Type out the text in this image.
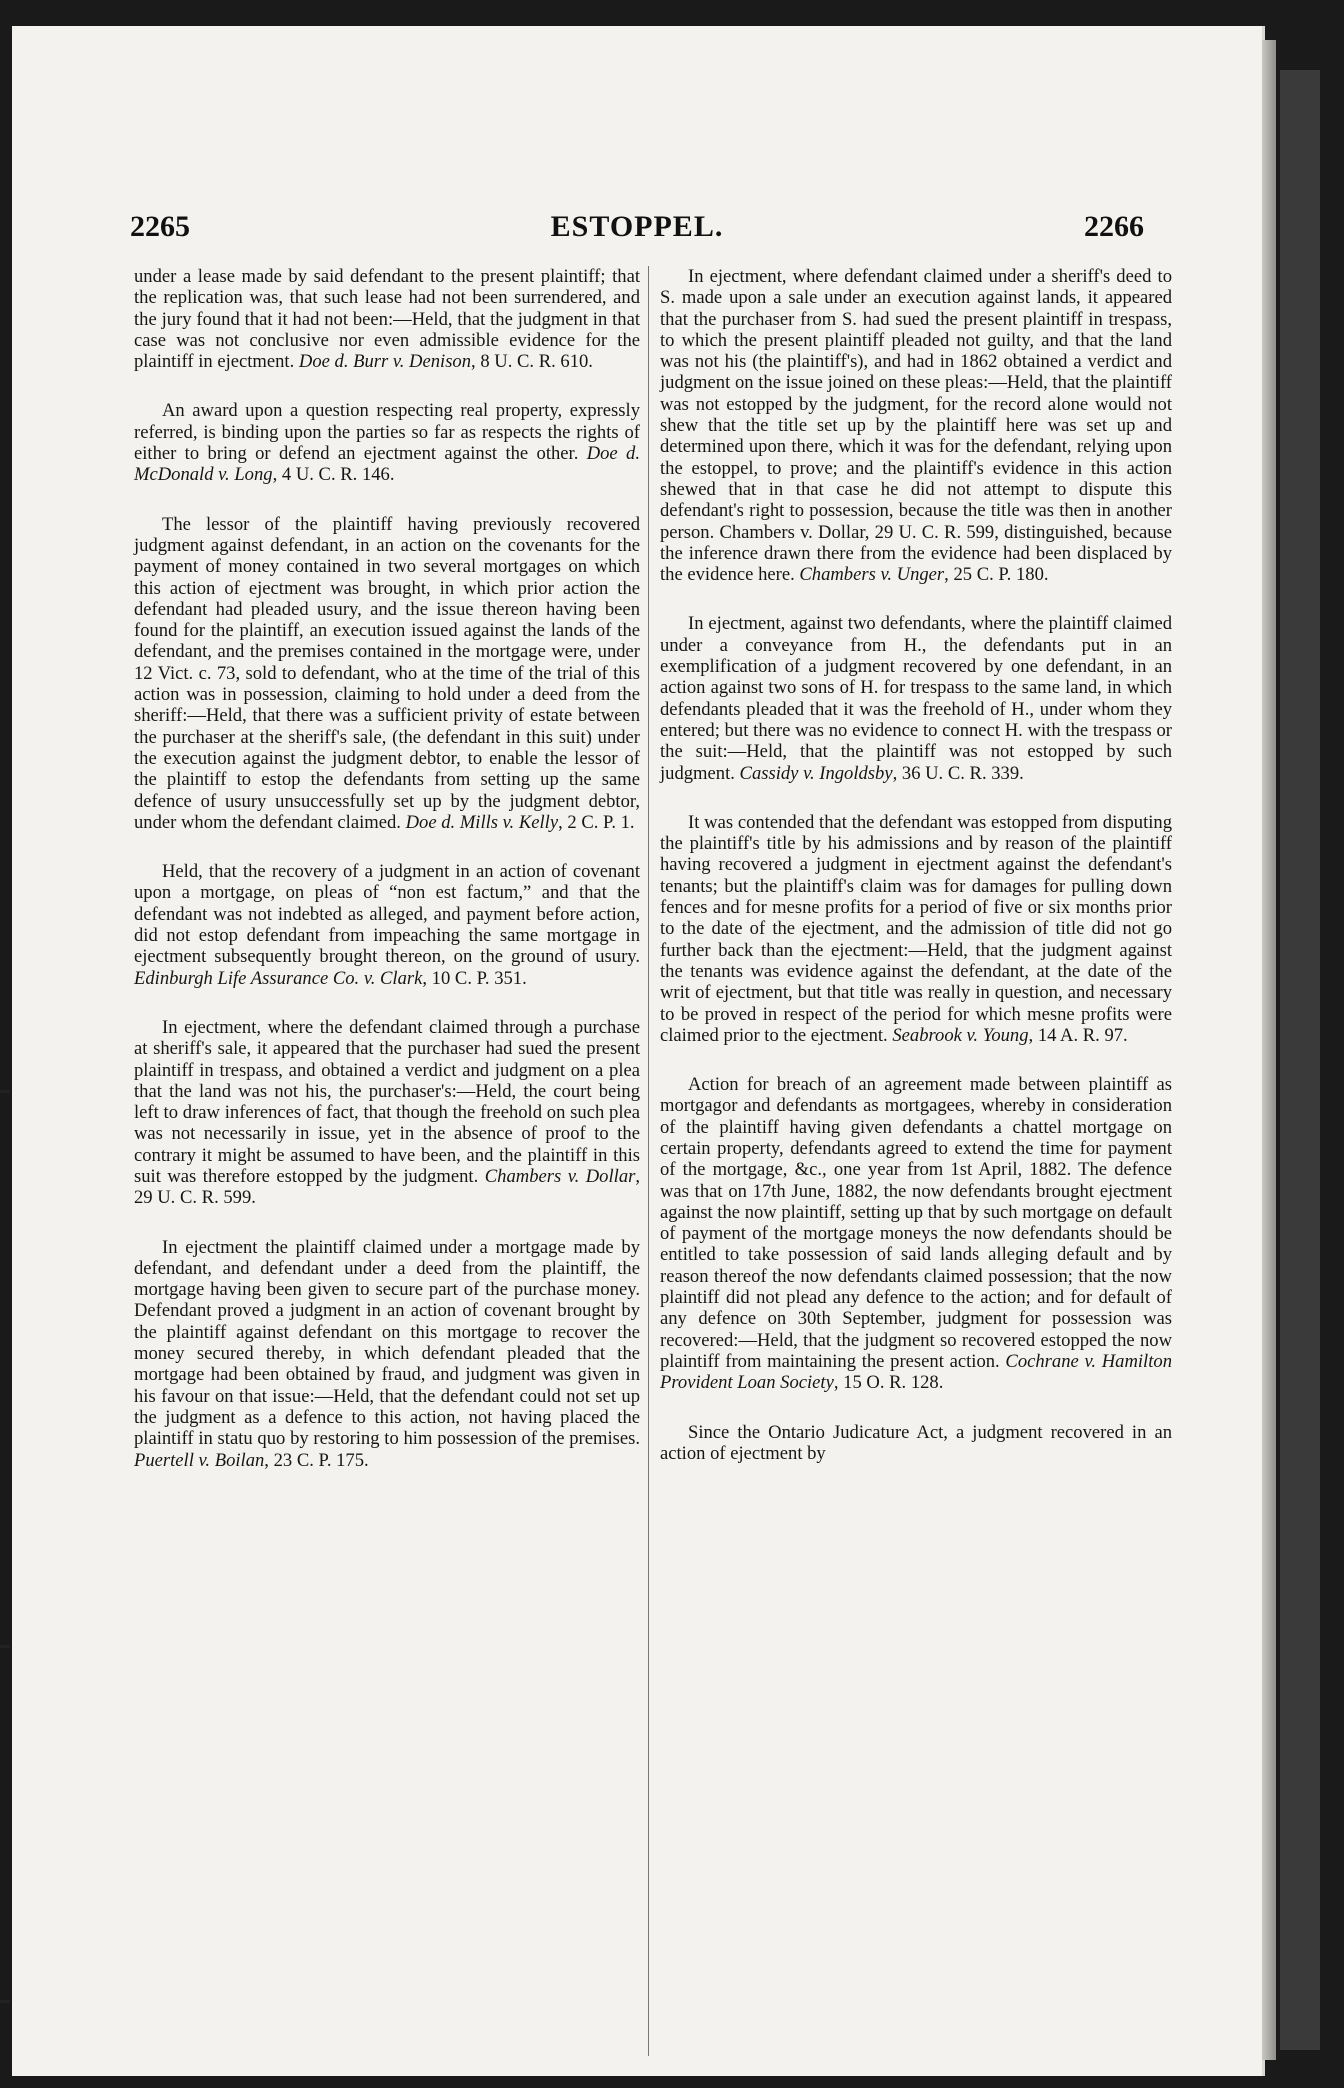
2265	ESTOPPEL.	2266

under a lease made by said defendant to the present plaintiff; that the replication was, that such lease had not been surrendered, and the jury found that it had not been:—Held, that the judgment in that case was not conclusive nor even admissible evidence for the plaintiff in ejectment. Doe d. Burr v. Denison, 8 U. C. R. 610.

An award upon a question respecting real property, expressly referred, is binding upon the parties so far as respects the rights of either to bring or defend an ejectment against the other. Doe d. McDonald v. Long, 4 U. C. R. 146.

The lessor of the plaintiff having previously recovered judgment against defendant, in an action on the covenants for the payment of money contained in two several mortgages on which this action of ejectment was brought, in which prior action the defendant had pleaded usury, and the issue thereon having been found for the plaintiff, an execution issued against the lands of the defendant, and the premises contained in the mortgage were, under 12 Vict. c. 73, sold to defendant, who at the time of the trial of this action was in possession, claiming to hold under a deed from the sheriff:—Held, that there was a sufficient privity of estate between the purchaser at the sheriff's sale, (the defendant in this suit) under the execution against the judgment debtor, to enable the lessor of the plaintiff to estop the defendants from setting up the same defence of usury unsuccessfully set up by the judgment debtor, under whom the defendant claimed. Doe d. Mills v. Kelly, 2 C. P. 1.

Held, that the recovery of a judgment in an action of covenant upon a mortgage, on pleas of “non est factum,” and that the defendant was not indebted as alleged, and payment before action, did not estop defendant from impeaching the same mortgage in ejectment subsequently brought thereon, on the ground of usury. Edinburgh Life Assurance Co. v. Clark, 10 C. P. 351.

In ejectment, where the defendant claimed through a purchase at sheriff's sale, it appeared that the purchaser had sued the present plaintiff in trespass, and obtained a verdict and judgment on a plea that the land was not his, the purchaser's:—Held, the court being left to draw inferences of fact, that though the freehold on such plea was not necessarily in issue, yet in the absence of proof to the contrary it might be assumed to have been, and the plaintiff in this suit was therefore estopped by the judgment. Chambers v. Dollar, 29 U. C. R. 599.

In ejectment the plaintiff claimed under a mortgage made by defendant, and defendant under a deed from the plaintiff, the mortgage having been given to secure part of the purchase money. Defendant proved a judgment in an action of covenant brought by the plaintiff against defendant on this mortgage to recover the money secured thereby, in which defendant pleaded that the mortgage had been obtained by fraud, and judgment was given in his favour on that issue:—Held, that the defendant could not set up the judgment as a defence to this action, not having placed the plaintiff in statu quo by restoring to him possession of the premises. Puertell v. Boilan, 23 C. P. 175.

In ejectment, where defendant claimed under a sheriff's deed to S. made upon a sale under an execution against lands, it appeared that the purchaser from S. had sued the present plaintiff in trespass, to which the present plaintiff pleaded not guilty, and that the land was not his (the plaintiff's), and had in 1862 obtained a verdict and judgment on the issue joined on these pleas:—Held, that the plaintiff was not estopped by the judgment, for the record alone would not shew that the title set up by the plaintiff here was set up and determined upon there, which it was for the defendant, relying upon the estoppel, to prove; and the plaintiff's evidence in this action shewed that in that case he did not attempt to dispute this defendant's right to possession, because the title was then in another person. Chambers v. Dollar, 29 U. C. R. 599, distinguished, because the inference drawn there from the evidence had been displaced by the evidence here. Chambers v. Unger, 25 C. P. 180.

In ejectment, against two defendants, where the plaintiff claimed under a conveyance from H., the defendants put in an exemplification of a judgment recovered by one defendant, in an action against two sons of H. for trespass to the same land, in which defendants pleaded that it was the freehold of H., under whom they entered; but there was no evidence to connect H. with the trespass or the suit:—Held, that the plaintiff was not estopped by such judgment. Cassidy v. Ingoldsby, 36 U. C. R. 339.

It was contended that the defendant was estopped from disputing the plaintiff's title by his admissions and by reason of the plaintiff having recovered a judgment in ejectment against the defendant's tenants; but the plaintiff's claim was for damages for pulling down fences and for mesne profits for a period of five or six months prior to the date of the ejectment, and the admission of title did not go further back than the ejectment:—Held, that the judgment against the tenants was evidence against the defendant, at the date of the writ of ejectment, but that title was really in question, and necessary to be proved in respect of the period for which mesne profits were claimed prior to the ejectment. Seabrook v. Young, 14 A. R. 97.

Action for breach of an agreement made between plaintiff as mortgagor and defendants as mortgagees, whereby in consideration of the plaintiff having given defendants a chattel mortgage on certain property, defendants agreed to extend the time for payment of the mortgage, &c., one year from 1st April, 1882. The defence was that on 17th June, 1882, the now defendants brought ejectment against the now plaintiff, setting up that by such mortgage on default of payment of the mortgage moneys the now defendants should be entitled to take possession of said lands alleging default and by reason thereof the now defendants claimed possession; that the now plaintiff did not plead any defence to the action; and for default of any defence on 30th September, judgment for possession was recovered:—Held, that the judgment so recovered estopped the now plaintiff from maintaining the present action. Cochrane v. Hamilton Provident Loan Society, 15 O. R. 128.

Since the Ontario Judicature Act, a judgment recovered in an action of ejectment by
